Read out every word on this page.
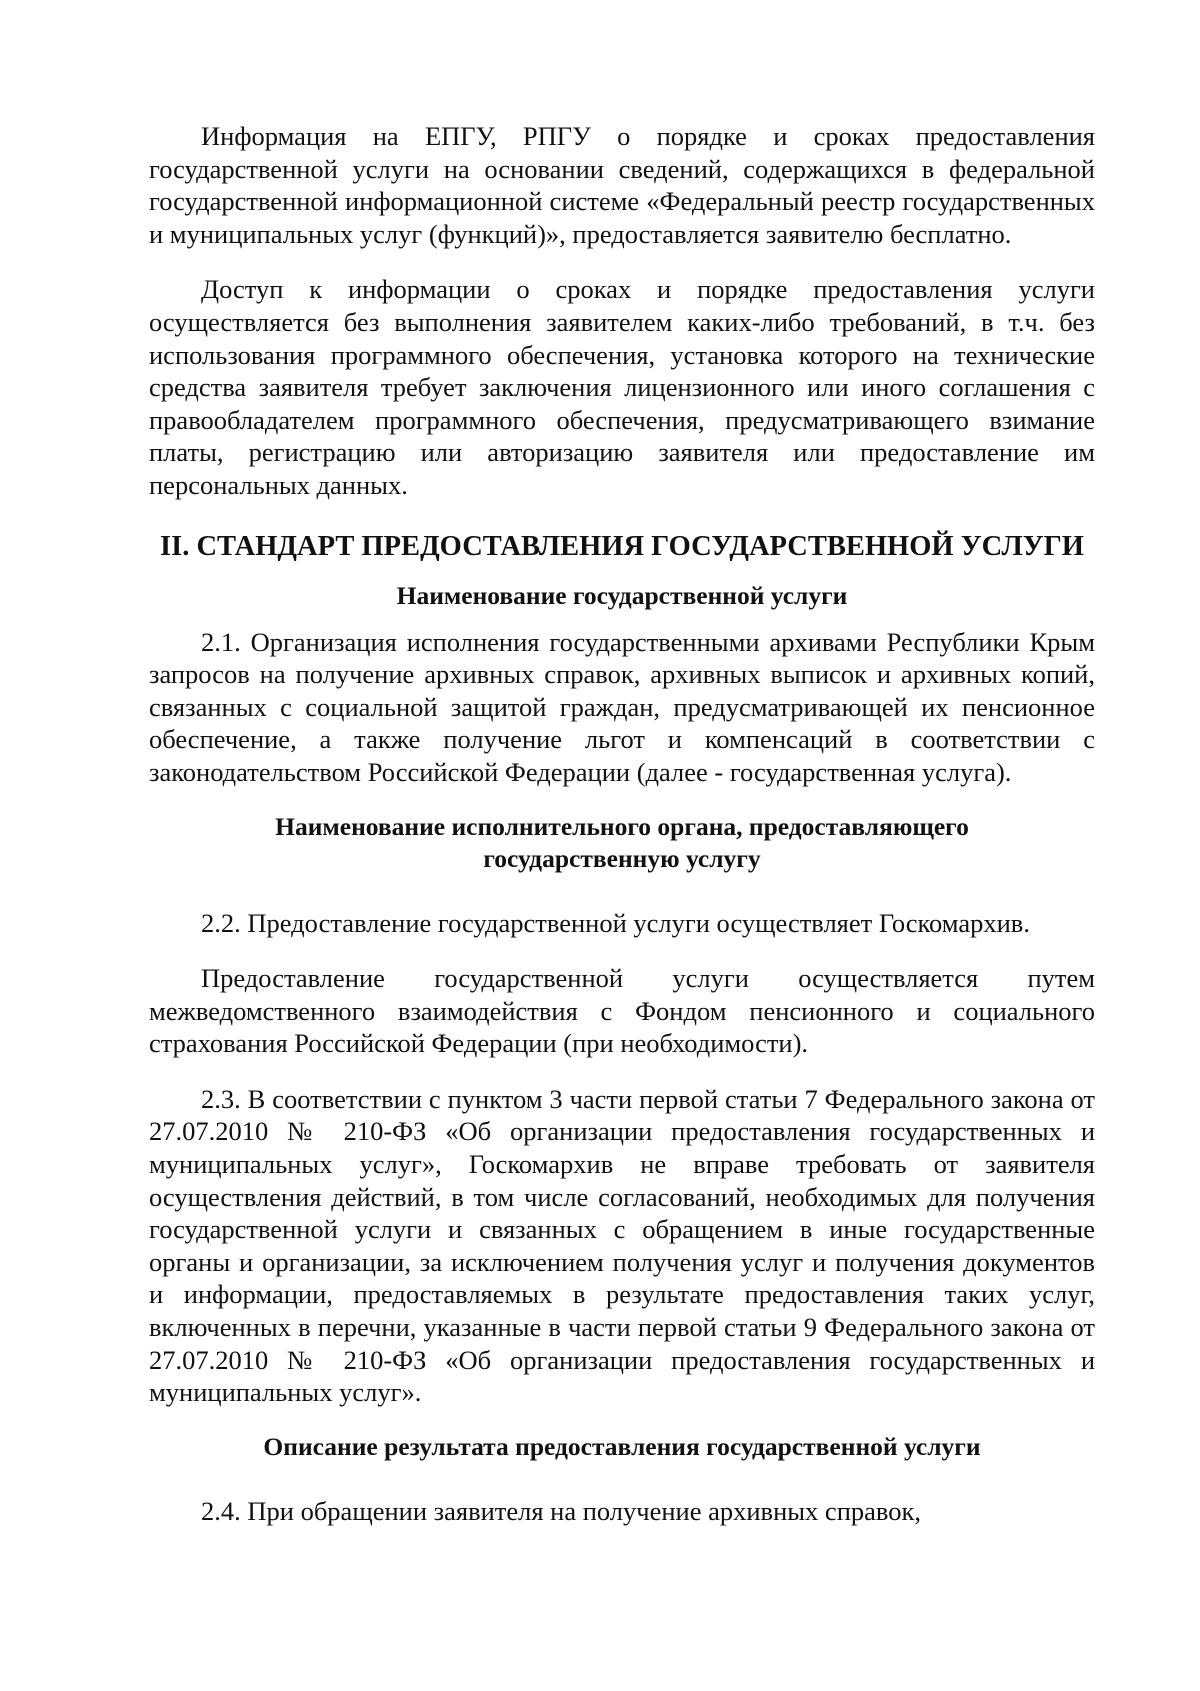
Информация на ЕПГУ, РПГУ о порядке и сроках предоставления государственной услуги на основании сведений, содержащихся в федеральной государственной информационной системе «Федеральный реестр государственных и муниципальных услуг (функций)», предоставляется заявителю бесплатно.

Доступ к информации о сроках и порядке предоставления услуги осуществляется без выполнения заявителем каких-либо требований, в т.ч. без использования программного обеспечения, установка которого на технические средства заявителя требует заключения лицензионного или иного соглашения с правообладателем программного обеспечения, предусматривающего взимание платы, регистрацию или авторизацию заявителя или предоставление им персональных данных.

II. СТАНДАРТ ПРЕДОСТАВЛЕНИЯ ГОСУДАРСТВЕННОЙ УСЛУГИ
Наименование государственной услуги

2.1. Организация исполнения государственными архивами Республики Крым запросов на получение архивных справок, архивных выписок и архивных копий, связанных с социальной защитой граждан, предусматривающей их пенсионное обеспечение, а также получение льгот и компенсаций в соответствии с законодательством Российской Федерации (далее - государственная услуга).

Наименование исполнительного органа, предоставляющего
государственную услугу

2.2. Предоставление государственной услуги осуществляет Госкомархив.

Предоставление государственной услуги осуществляется путем межведомственного взаимодействия с Фондом пенсионного и социального страхования Российской Федерации (при необходимости).

2.3. В соответствии с пунктом 3 части первой статьи 7 Федерального закона от 27.07.2010 № 210-ФЗ «Об организации предоставления государственных и муниципальных услуг», Госкомархив не вправе требовать от заявителя осуществления действий, в том числе согласований, необходимых для получения государственной услуги и связанных с обращением в иные государственные органы и организации, за исключением получения услуг и получения документов и информации, предоставляемых в результате предоставления таких услуг, включенных в перечни, указанные в части первой статьи 9 Федерального закона от 27.07.2010 № 210-ФЗ «Об организации предоставления государственных и муниципальных услуг».

Описание результата предоставления государственной услуги

2.4. При обращении заявителя на получение архивных справок,
